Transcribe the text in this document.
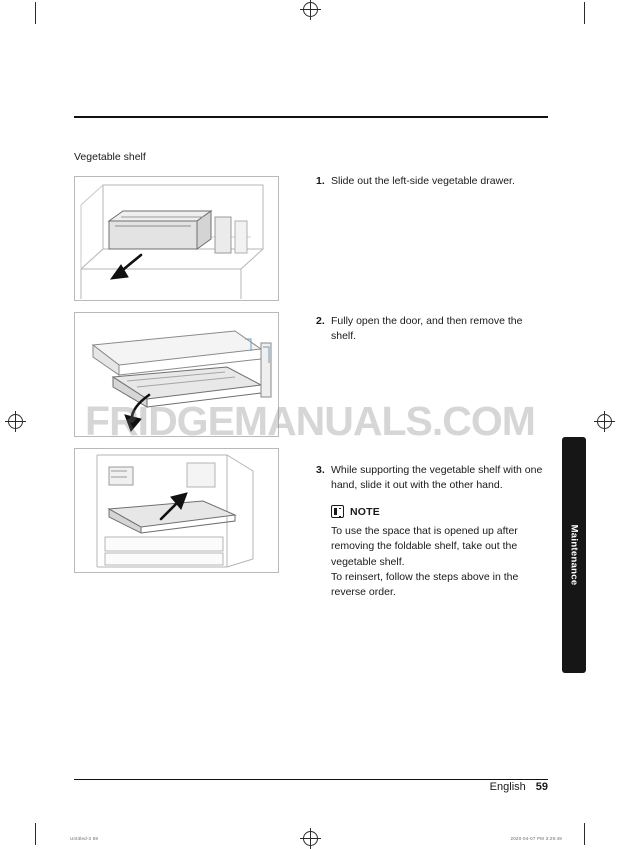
Vegetable shelf
1. Slide out the left-side vegetable drawer.
2. Fully open the door, and then remove the shelf.
3. While supporting the vegetable shelf with one hand, slide it out with the other hand.
NOTE

To use the space that is opened up after removing the foldable shelf, take out the vegetable shelf.

To reinsert, follow the steps above in the reverse order.

Maintenance
FRIDGEMANUALS.COM
English 59
Untitled-3 59	2020-04-07 PM 3:29:49
